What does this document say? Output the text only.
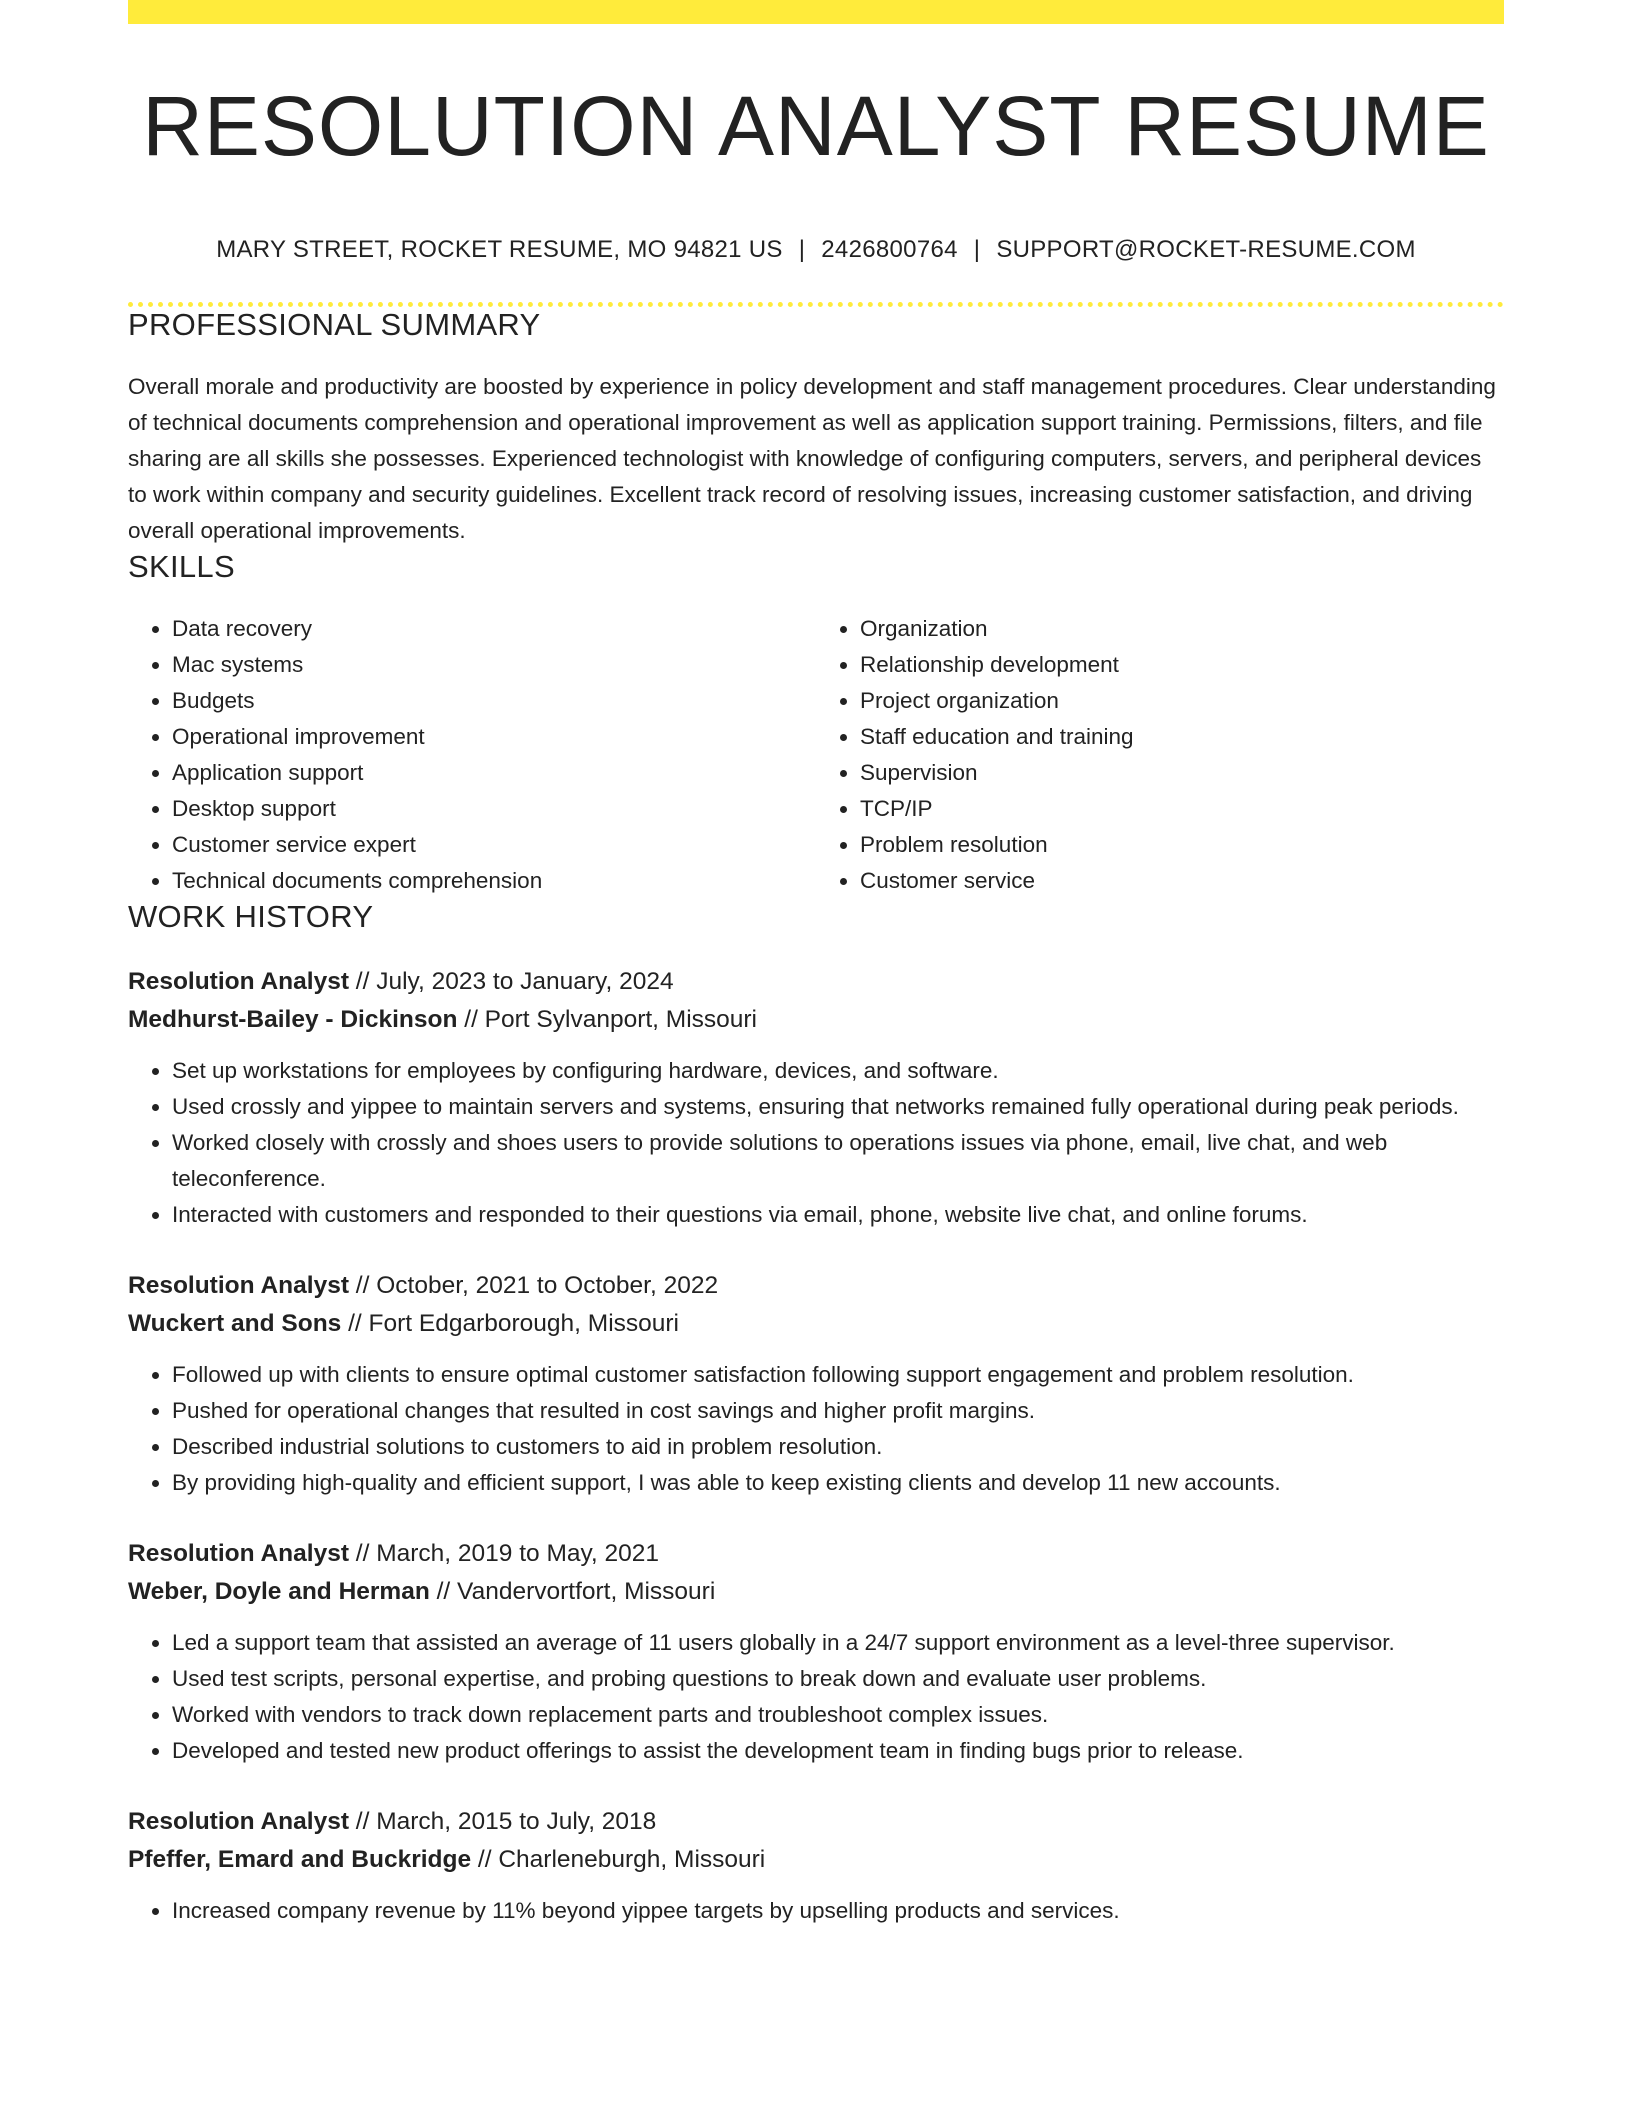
RESOLUTION ANALYST RESUME
MARY STREET, ROCKET RESUME, MO 94821 US | 2426800764 | SUPPORT@ROCKET-RESUME.COM
PROFESSIONAL SUMMARY

Overall morale and productivity are boosted by experience in policy development and staff management procedures. Clear understanding of technical documents comprehension and operational improvement as well as application support training. Permissions, filters, and file sharing are all skills she possesses. Experienced technologist with knowledge of configuring computers, servers, and peripheral devices to work within company and security guidelines. Excellent track record of resolving issues, increasing customer satisfaction, and driving overall operational improvements.

SKILLS
• Data recovery
• Mac systems
• Budgets
• Operational improvement
• Application support
• Desktop support
• Customer service expert
• Technical documents comprehension
• Organization
• Relationship development
• Project organization
• Staff education and training
• Supervision
• TCP/IP
• Problem resolution
• Customer service
WORK HISTORY
Resolution Analyst // July, 2023 to January, 2024
Medhurst-Bailey - Dickinson // Port Sylvanport, Missouri
• Set up workstations for employees by configuring hardware, devices, and software.
• Used crossly and yippee to maintain servers and systems, ensuring that networks remained fully operational during peak periods.
• Worked closely with crossly and shoes users to provide solutions to operations issues via phone, email, live chat, and web teleconference.
• Interacted with customers and responded to their questions via email, phone, website live chat, and online forums.
Resolution Analyst // October, 2021 to October, 2022
Wuckert and Sons // Fort Edgarborough, Missouri
• Followed up with clients to ensure optimal customer satisfaction following support engagement and problem resolution.
• Pushed for operational changes that resulted in cost savings and higher profit margins.
• Described industrial solutions to customers to aid in problem resolution.
• By providing high-quality and efficient support, I was able to keep existing clients and develop 11 new accounts.
Resolution Analyst // March, 2019 to May, 2021
Weber, Doyle and Herman // Vandervortfort, Missouri
• Led a support team that assisted an average of 11 users globally in a 24/7 support environment as a level-three supervisor.
• Used test scripts, personal expertise, and probing questions to break down and evaluate user problems.
• Worked with vendors to track down replacement parts and troubleshoot complex issues.
• Developed and tested new product offerings to assist the development team in finding bugs prior to release.
Resolution Analyst // March, 2015 to July, 2018
Pfeffer, Emard and Buckridge // Charleneburgh, Missouri
• Increased company revenue by 11% beyond yippee targets by upselling products and services.
